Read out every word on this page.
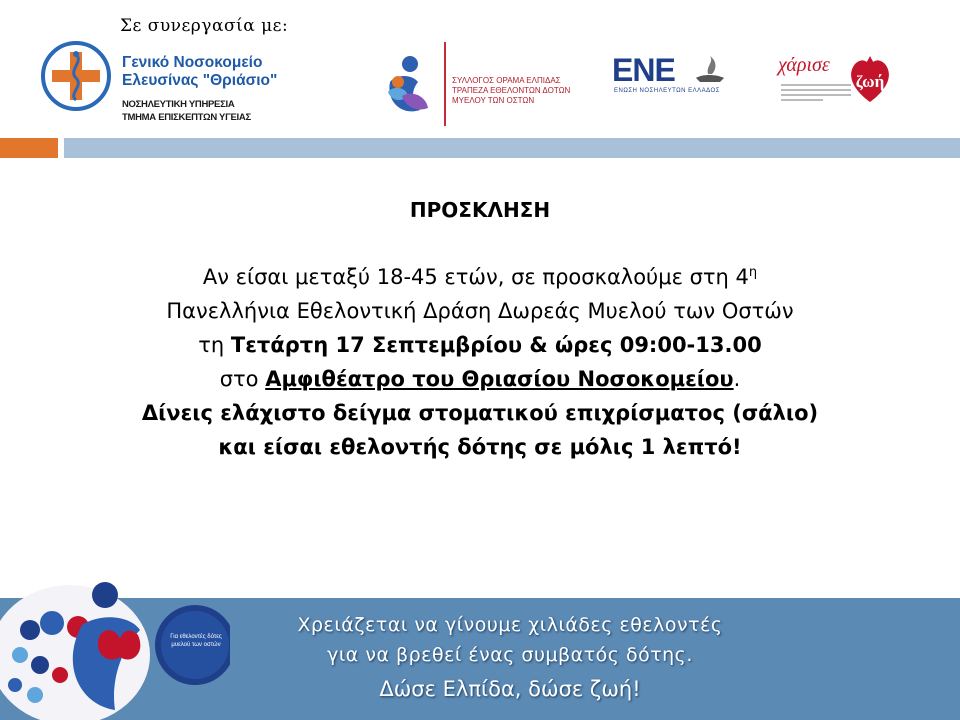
Σε συνεργασία με:
Γενικό Νοσοκομείο
Ελευσίνας "Θριάσιο"
ΝΟΣΗΛΕΥΤΙΚΗ ΥΠΗΡΕΣΙΑ
ΤΜΗΜΑ ΕΠΙΣΚΕΠΤΩΝ ΥΓΕΙΑΣ
ΣΥΛΛΟΓΟΣ ΟΡΑΜΑ ΕΛΠΙΔΑΣ
ΤΡΑΠΕΖΑ ΕΘΕΛΟΝΤΩΝ ΔΟΤΩΝ
ΜΥΕΛΟΥ ΤΩΝ ΟΣΤΩΝ
ΕΝΕ
ΕΝΩΣΗ ΝΟΣΗΛΕΥΤΩΝ ΕΛΛΑΔΟΣ
χάρισε
ζωή
ΠΡΟΣΚΛΗΣΗ
Αν είσαι μεταξύ 18-45 ετών, σε προσκαλούμε στη $4^\eta$
Πανελλήνια Εθελοντική Δράση Δωρεάς Μυελού των Οστών
τη Τετάρτη 17 Σεπτεμβρίου & ώρες 09:00-13.00
στο Αμφιθέατρο του Θριασίου Νοσοκομείου.
Δίνεις ελάχιστο δείγμα στοματικού επιχρίσματος (σάλιο)
και είσαι εθελοντής δότης σε μόλις 1 λεπτό!
Για εθελοντές δότες μυελού των οστών
Χρειάζεται να γίνουμε χιλιάδες εθελοντές
για να βρεθεί ένας συμβατός δότης.
Δώσε Ελπίδα, δώσε ζωή!
